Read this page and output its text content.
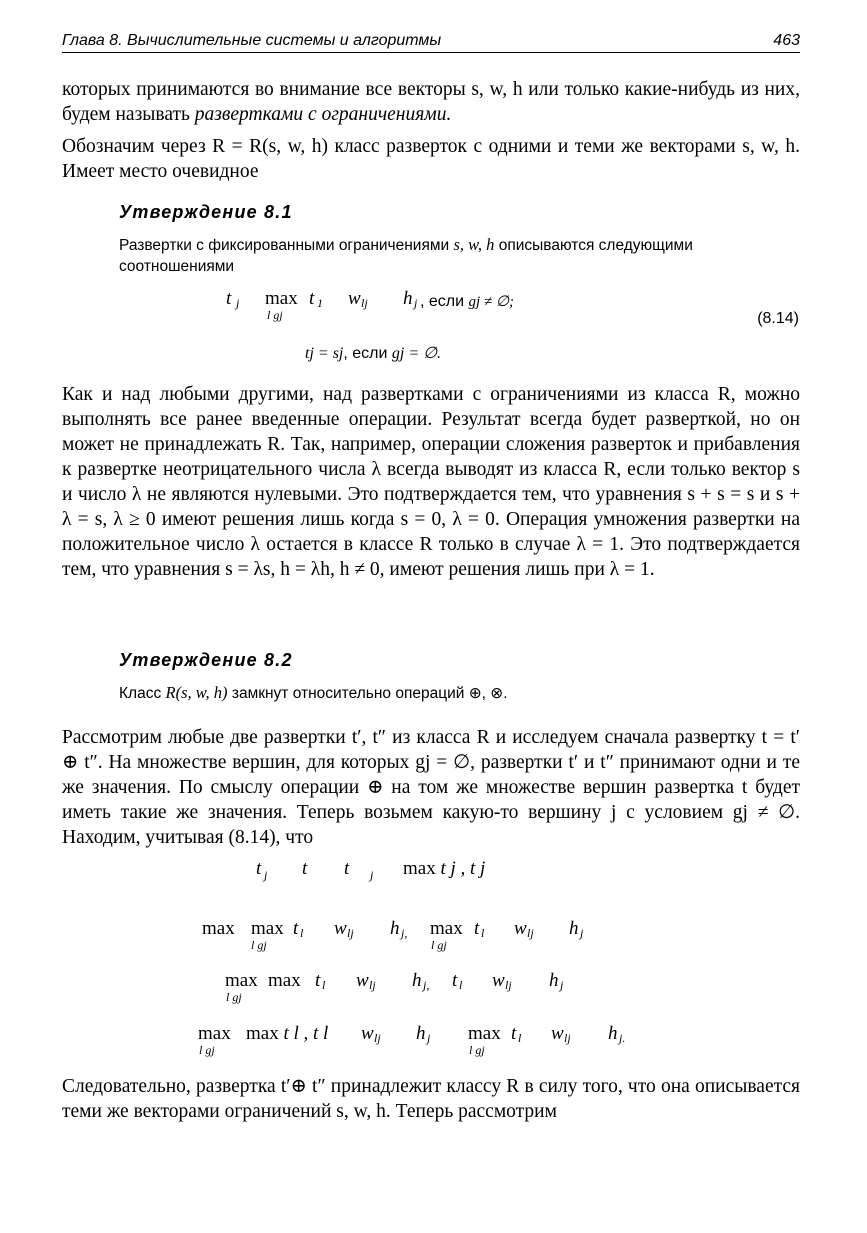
Глава 8. Вычислительные системы и алгоритмы	463
которых принимаются во внимание все векторы s, w, h или только какие-нибудь из них, будем называть развертками с ограничениями.
Обозначим через R = R(s, w, h) класс разверток с одними и теми же векторами s, w, h. Имеет место очевидное
Утверждение 8.1
Развертки с фиксированными ограничениями s, w, h описываются следующими соотношениями
t j max
l gj
t 1 w lj h j , если gj ≠ ∅;
(8.14)
tj = sj, если gj = ∅.
Как и над любыми другими, над развертками с ограничениями из класса R, можно выполнять все ранее введенные операции. Результат всегда будет разверткой, но он может не принадлежать R. Так, например, операции сложения разверток и прибавления к развертке неотрицательного числа λ всегда выводят из класса R, если только вектор s и число λ не являются нулевыми. Это подтверждается тем, что уравнения s + s = s и s + λ = s, λ ≥ 0 имеют решения лишь когда s = 0, λ = 0. Операция умножения развертки на положительное число λ остается в классе R только в случае λ = 1. Это подтверждается тем, что уравнения s = λs, h = λh, h ≠ 0, имеют решения лишь при λ = 1.
Утверждение 8.2
Класс R(s, w, h) замкнут относительно операций ⊕, ⊗.
Рассмотрим любые две развертки t′, t″ из класса R и исследуем сначала развертку t = t′ ⊕ t″. На множестве вершин, для которых gj = ∅, развертки t′ и t″ принимают одни и те же значения. По смыслу операции ⊕ на том же множестве вершин развертка t будет иметь такие же значения. Теперь возьмем какую-то вершину j с условием gj ≠ ∅. Находим, учитывая (8.14), что
t j t t j max t j , t j
max max
l gj
t l w lj h j, max
l gj
t l w lj h j
max
l gj
max t l w lj h j, t l w lj h j
max
l gj
max t l , t l w lj h j max
l gj
t l w lj h j.
Следовательно, развертка t′⊕ t″ принадлежит классу R в силу того, что она описывается теми же векторами ограничений s, w, h. Теперь рассмотрим
